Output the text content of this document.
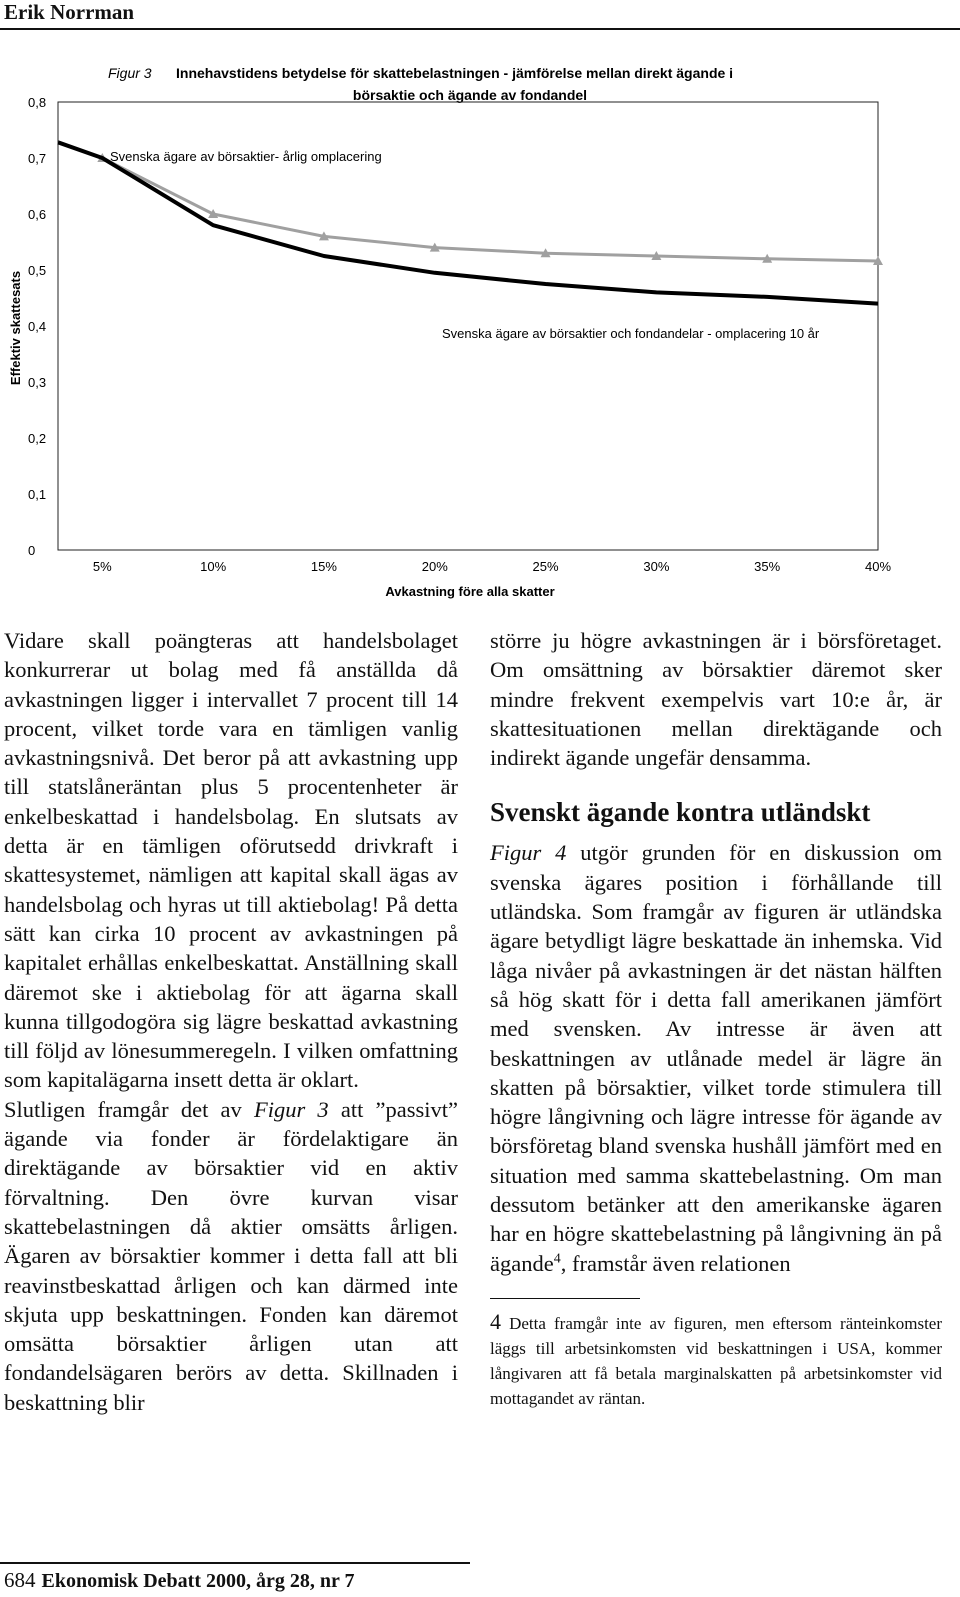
Erik Norrman
Figur 3 Innehavstidens betydelse för skattebelastningen - jämförelse mellan direkt ägande i
börsaktie och ägande av fondandel
Effektiv skattesats
Avkastning före alla skatter
Svenska ägare av börsaktier- årlig omplacering
Svenska ägare av börsaktier och fondandelar - omplacering 10 år
0
0,1
0,2
0,3
0,4
0,5
0,6
0,7
0,8
5%	10%	15%	20%	25%	30%	35%	40%

Vidare skall poängteras att handelsbolaget konkurrerar ut bolag med få anställda då avkastningen ligger i intervallet 7 procent till 14 procent, vilket torde vara en tämligen vanlig avkastningsnivå. Det beror på att avkastning upp till statslåneräntan plus 5 procentenheter är enkelbeskattad i handelsbolag. En slutsats av detta är en tämligen oförutsedd drivkraft i skattesystemet, nämligen att kapital skall ägas av handelsbolag och hyras ut till aktiebolag! På detta sätt kan cirka 10 procent av avkastningen på kapitalet erhållas enkelbeskattat. Anställning skall däremot ske i aktiebolag för att ägarna skall kunna tillgodogöra sig lägre beskattad avkastning till följd av lönesummeregeln. I vilken omfattning som kapitalägarna insett detta är oklart.

Slutligen framgår det av Figur 3 att ”passivt” ägande via fonder är fördelaktigare än direktägande av börsaktier vid en aktiv förvaltning. Den övre kurvan visar skattebelastningen då aktier omsätts årligen. Ägaren av börsaktier kommer i detta fall att bli reavinstbeskattad årligen och kan därmed inte skjuta upp beskattningen. Fonden kan däremot omsätta börsaktier årligen utan att fondandelsägaren berörs av detta. Skillnaden i beskattning blir

större ju högre avkastningen är i börsföretaget. Om omsättning av börsaktier däremot sker mindre frekvent exempelvis vart 10:e år, är skattesituationen mellan direktägande och indirekt ägande ungefär densamma.

Svenskt ägande kontra utländskt

Figur 4 utgör grunden för en diskussion om svenska ägares position i förhållande till utländska. Som framgår av figuren är utländska ägare betydligt lägre beskattade än inhemska. Vid låga nivåer på avkastningen är det nästan hälften så hög skatt för i detta fall amerikanen jämfört med svensken. Av intresse är även att beskattningen av utlånade medel är lägre än skatten på börsaktier, vilket torde stimulera till högre långivning och lägre intresse för ägande av börsföretag bland svenska hushåll jämfört med en situation med samma skattebelastning. Om man dessutom betänker att den amerikanske ägaren har en högre skattebelastning på långivning än på ägande$^4$, framstår även relationen

4 Detta framgår inte av figuren, men eftersom ränteinkomster läggs till arbetsinkomsten vid beskattningen i USA, kommer långivaren att få betala marginalskatten på arbetsinkomster vid mottagandet av räntan.
684 Ekonomisk Debatt 2000, årg 28, nr 7
